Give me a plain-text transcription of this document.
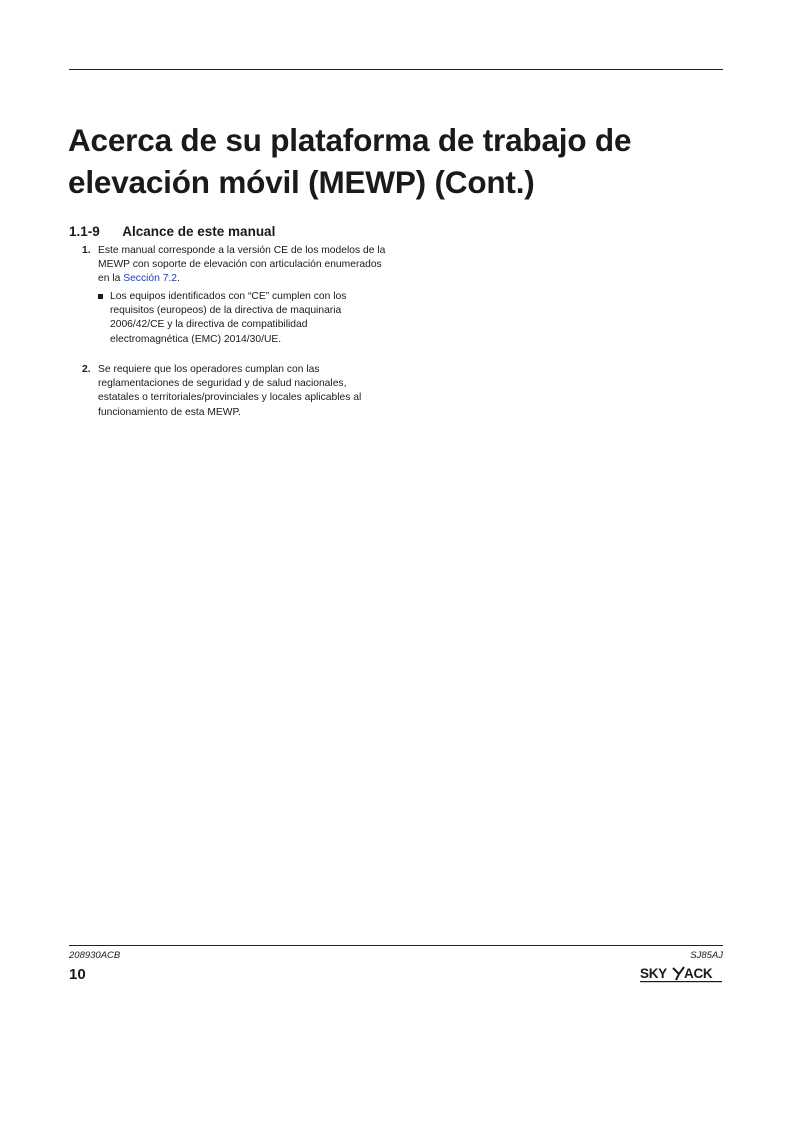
Acerca de su plataforma de trabajo de
elevación móvil (MEWP) (Cont.)
1.1-9 Alcance de este manual
1. Este manual corresponde a la versión CE de los modelos de la MEWP con soporte de elevación con articulación enumerados en la Sección 7.2.
Los equipos identificados con “CE” cumplen con los requisitos (europeos) de la directiva de maquinaria 2006/42/CE y la directiva de compatibilidad electromagnética (EMC) 2014/30/UE.
2. Se requiere que los operadores cumplan con las reglamentaciones de seguridad y de salud nacionales, estatales o territoriales/provinciales y locales aplicables al funcionamiento de esta MEWP.
208930ACB	SJ85AJ
10	SKY ACK
